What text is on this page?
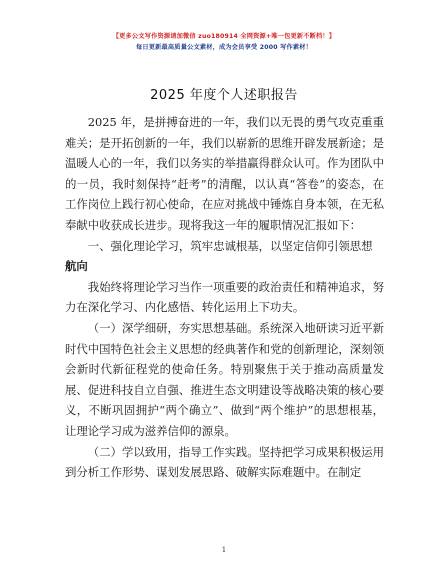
【更多公文写作资源请加微信 zuo180914 全网资源+唯一包更新不断档！】
每日更新最高质量公文素材，成为会员享受 2000 写作素材！
2025 年度个人述职报告

2025 年，是拼搏奋进的一年，我们以无畏的勇气攻克重重难关；是开拓创新的一年，我们以崭新的思维开辟发展新途；是温暖人心的一年，我们以务实的举措赢得群众认可。作为团队中的一员，我时刻保持“赶考”的清醒，以认真“答卷”的姿态，在工作岗位上践行初心使命，在应对挑战中锤炼自身本领，在无私奉献中收获成长进步。现将我这一年的履职情况汇报如下：

一、强化理论学习，筑牢忠诚根基，以坚定信仰引领思想
航向

我始终将理论学习当作一项重要的政治责任和精神追求，努力在深化学习、内化感悟、转化运用上下功夫。

（一）深学细研，夯实思想基础。系统深入地研读习近平新时代中国特色社会主义思想的经典著作和党的创新理论，深刻领会新时代新征程党的使命任务。特别聚焦于关于推动高质量发展、促进科技自立自强、推进生态文明建设等战略决策的核心要义，不断巩固拥护“两个确立”、做到“两个维护”的思想根基，让理论学习成为滋养信仰的源泉。

（二）学以致用，指导工作实践。坚持把学习成果积极运用到分析工作形势、谋划发展思路、破解实际难题中。在制定

1
